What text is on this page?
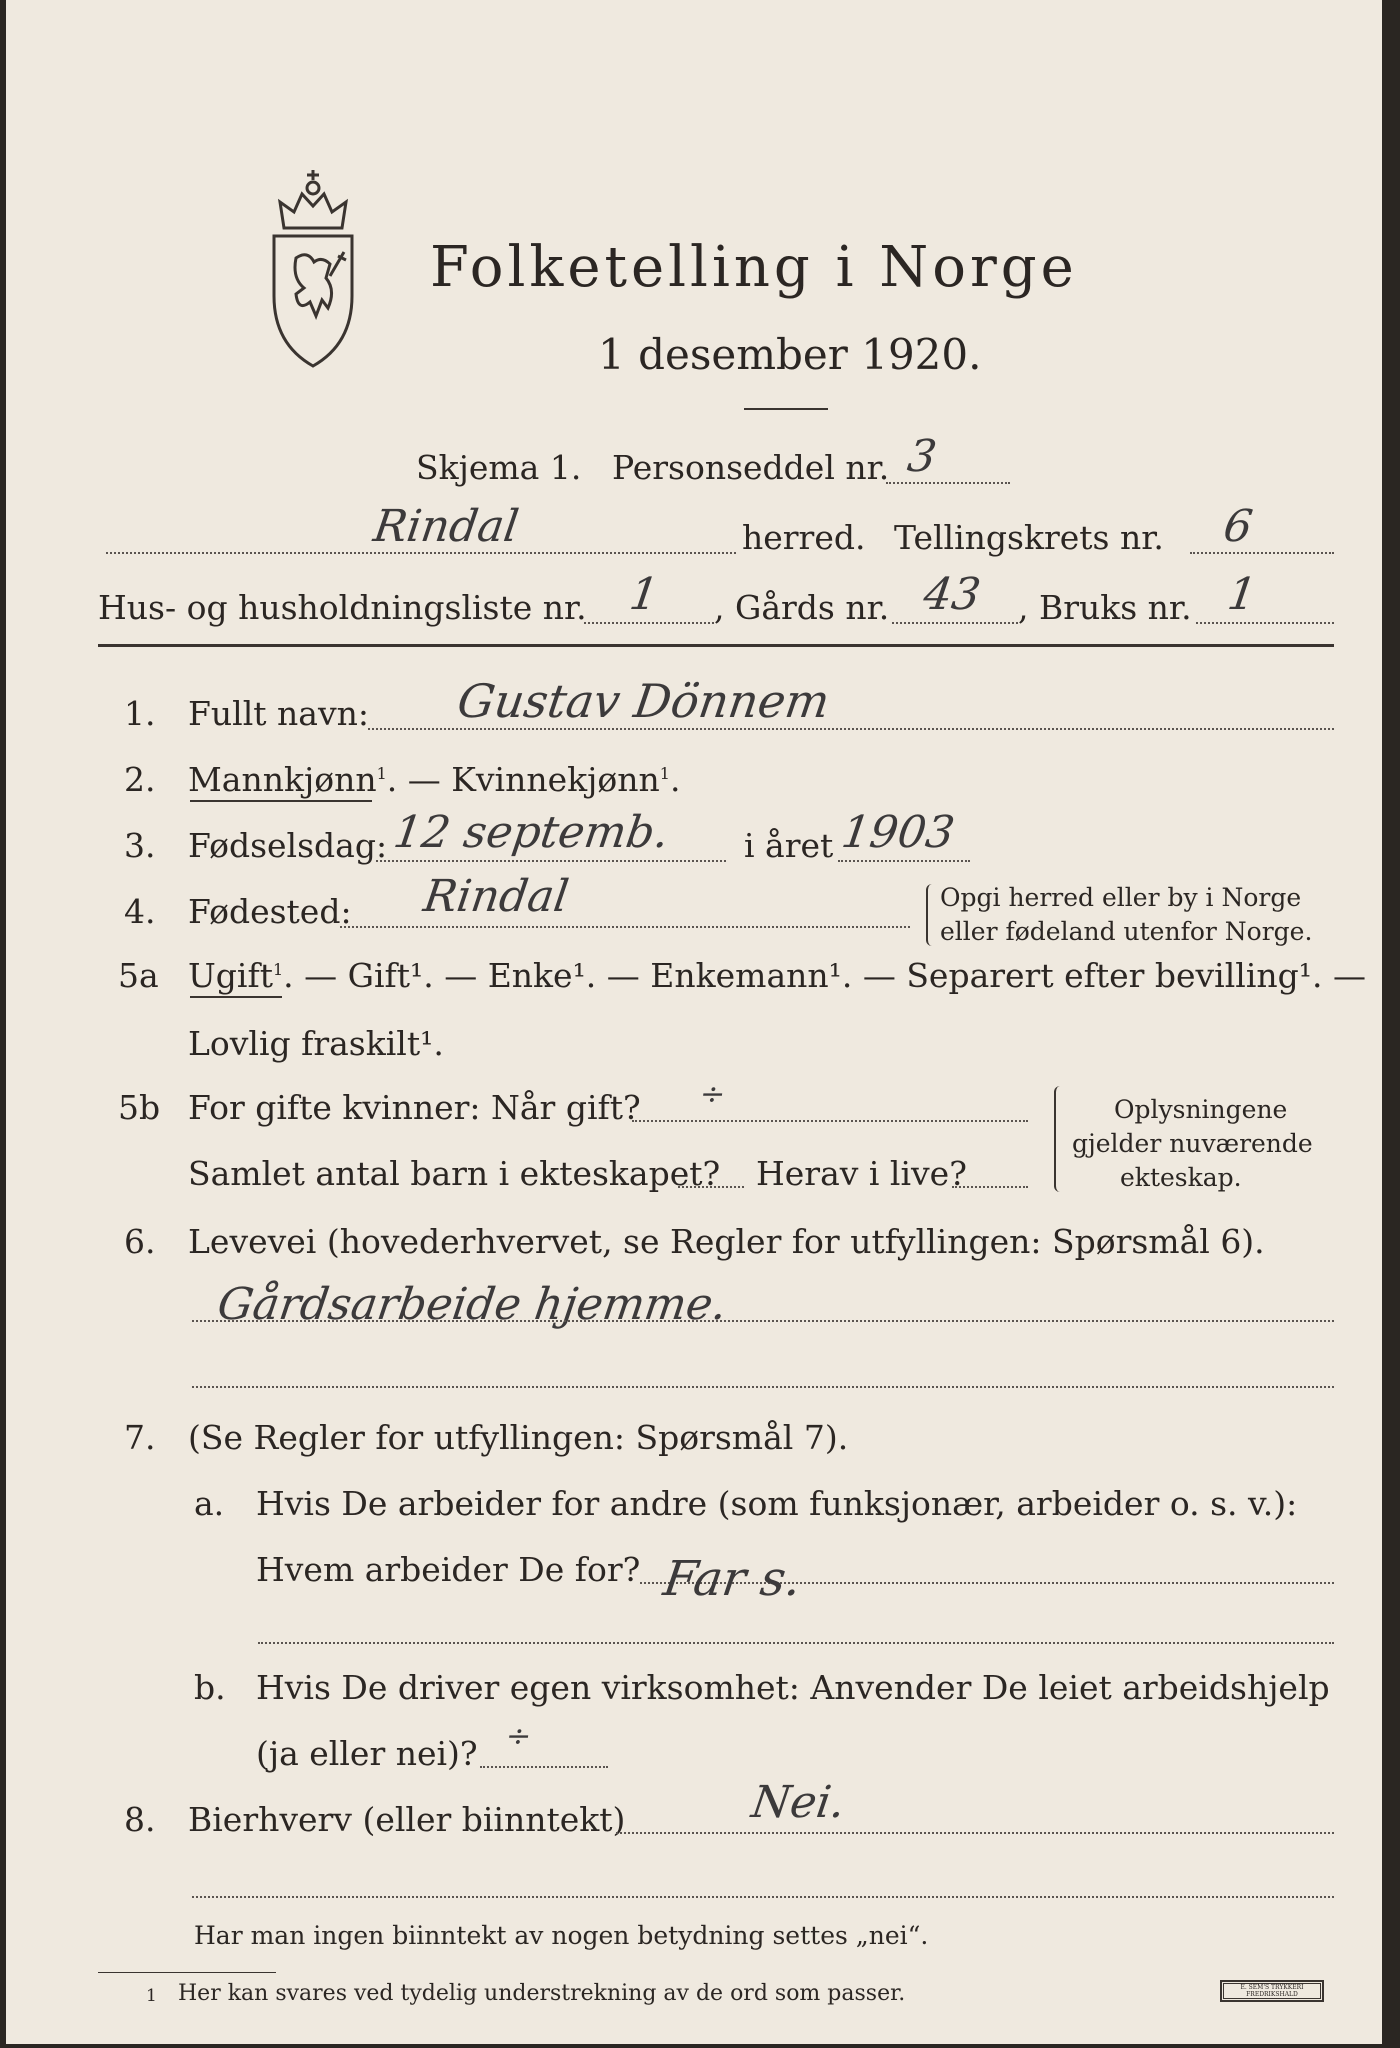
Folketelling i Norge
1 desember 1920.
Skjema 1. Personseddel nr. 3
Rindal	herred. Tellingskrets nr. 6
Hus- og husholdningsliste nr. 1 , Gårds nr. 43 , Bruks nr. 1
1. Fullt navn: Gustav Dönnem
2. Mannkjønn$^1$. — Kvinnekjønn$^1$.
3. Fødselsdag: 12 septemb. i året 1903
4. Fødested: Rindal	Opgi herred eller by i Norge
eller fødeland utenfor Norge.
5a Ugift$^1$. — Gift¹. — Enke¹. — Enkemann¹. — Separert efter bevilling¹. —
Lovlig fraskilt¹.
5b For gifte kvinner: Når gift? ÷
Samlet antal barn i ekteskapet? Herav i live?
Oplysningene
gjelder nuværende
ekteskap.
6. Levevei (hovederhvervet, se Regler for utfyllingen: Spørsmål 6).
Gårdsarbeide hjemme.
7. (Se Regler for utfyllingen: Spørsmål 7).
a. Hvis De arbeider for andre (som funksjonær, arbeider o. s. v.):
Hvem arbeider De for? Far s.
b. Hvis De driver egen virksomhet: Anvender De leiet arbeidshjelp
(ja eller nei)? ÷
8. Bierhverv (eller biinntekt)	Nei.
Har man ingen biinntekt av nogen betydning settes „nei“.
1 Her kan svares ved tydelig understrekning av de ord som passer.	E. SEM'S TRYKKERI FREDRIKSHALD
